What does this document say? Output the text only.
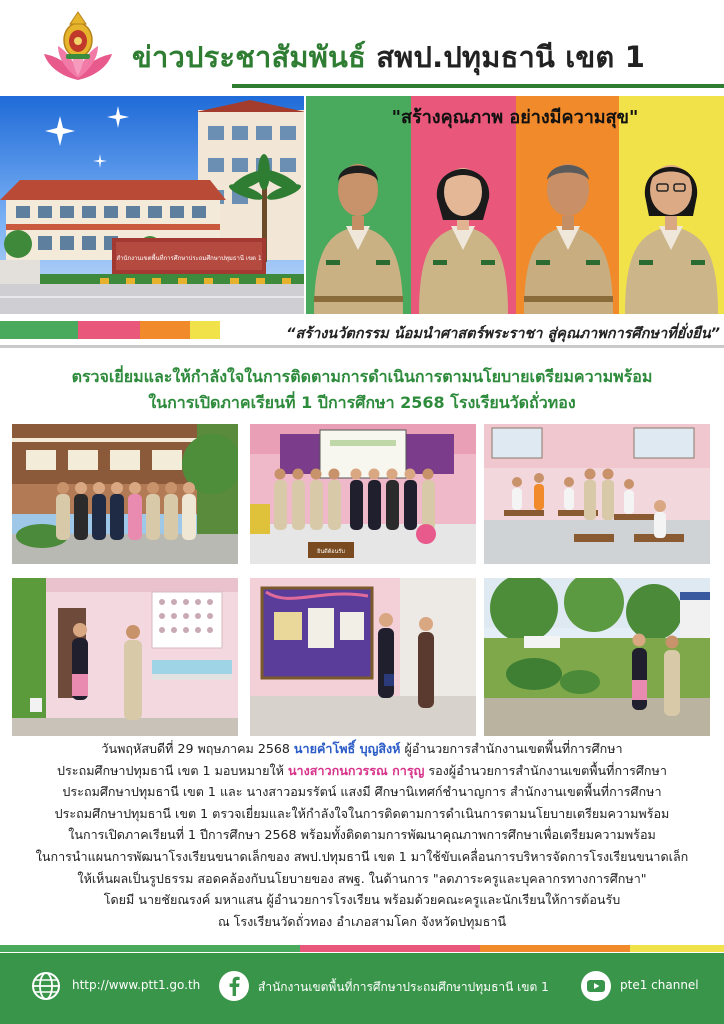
ข่าวประชาสัมพันธ์ สพป.ปทุมธานี เขต 1
สำนักงานเขตพื้นที่การศึกษาประถมศึกษาปทุมธานี เขต 1
"สร้างคุณภาพ อย่างมีความสุข"
“สร้างนวัตกรรม น้อมนำศาสตร์พระราชา สู่คุณภาพการศึกษาที่ยั่งยืน”
ตรวจเยี่ยมและให้กำลังใจในการติดตามการดำเนินการตามนโยบายเตรียมความพร้อม
ในการเปิดภาคเรียนที่ 1 ปีการศึกษา 2568 โรงเรียนวัดถั่วทอง
ยินดีต้อนรับ
วันพฤหัสบดีที่ 29 พฤษภาคม 2568 นายคำโพธิ์ บุญสิงห์ ผู้อำนวยการสำนักงานเขตพื้นที่การศึกษา
ประถมศึกษาปทุมธานี เขต 1 มอบหมายให้ นางสาวกนกวรรณ การุญ รองผู้อำนวยการสำนักงานเขตพื้นที่การศึกษา
ประถมศึกษาปทุมธานี เขต 1 และ นางสาวอมรรัตน์ แสงมี ศึกษานิเทศก์ชำนาญการ สำนักงานเขตพื้นที่การศึกษา
ประถมศึกษาปทุมธานี เขต 1 ตรวจเยี่ยมและให้กำลังใจในการติดตามการดำเนินการตามนโยบายเตรียมความพร้อม
ในการเปิดภาคเรียนที่ 1 ปีการศึกษา 2568 พร้อมทั้งติดตามการพัฒนาคุณภาพการศึกษาเพื่อเตรียมความพร้อม
ในการนำแผนการพัฒนาโรงเรียนขนาดเล็กของ สพป.ปทุมธานี เขต 1 มาใช้ขับเคลื่อนการบริหารจัดการโรงเรียนขนาดเล็ก
ให้เห็นผลเป็นรูปธรรม สอดคล้องกับนโยบายของ สพฐ. ในด้านการ "ลดภาระครูและบุคลากรทางการศึกษา"
โดยมี นายชัยณรงค์ มหาแสน ผู้อำนวยการโรงเรียน พร้อมด้วยคณะครูและนักเรียนให้การต้อนรับ
ณ โรงเรียนวัดถั่วทอง อำเภอสามโคก จังหวัดปทุมธานี
http://www.ptt1.go.th	สำนักงานเขตพื้นที่การศึกษาประถมศึกษาปทุมธานี เขต 1	pte1 channel
